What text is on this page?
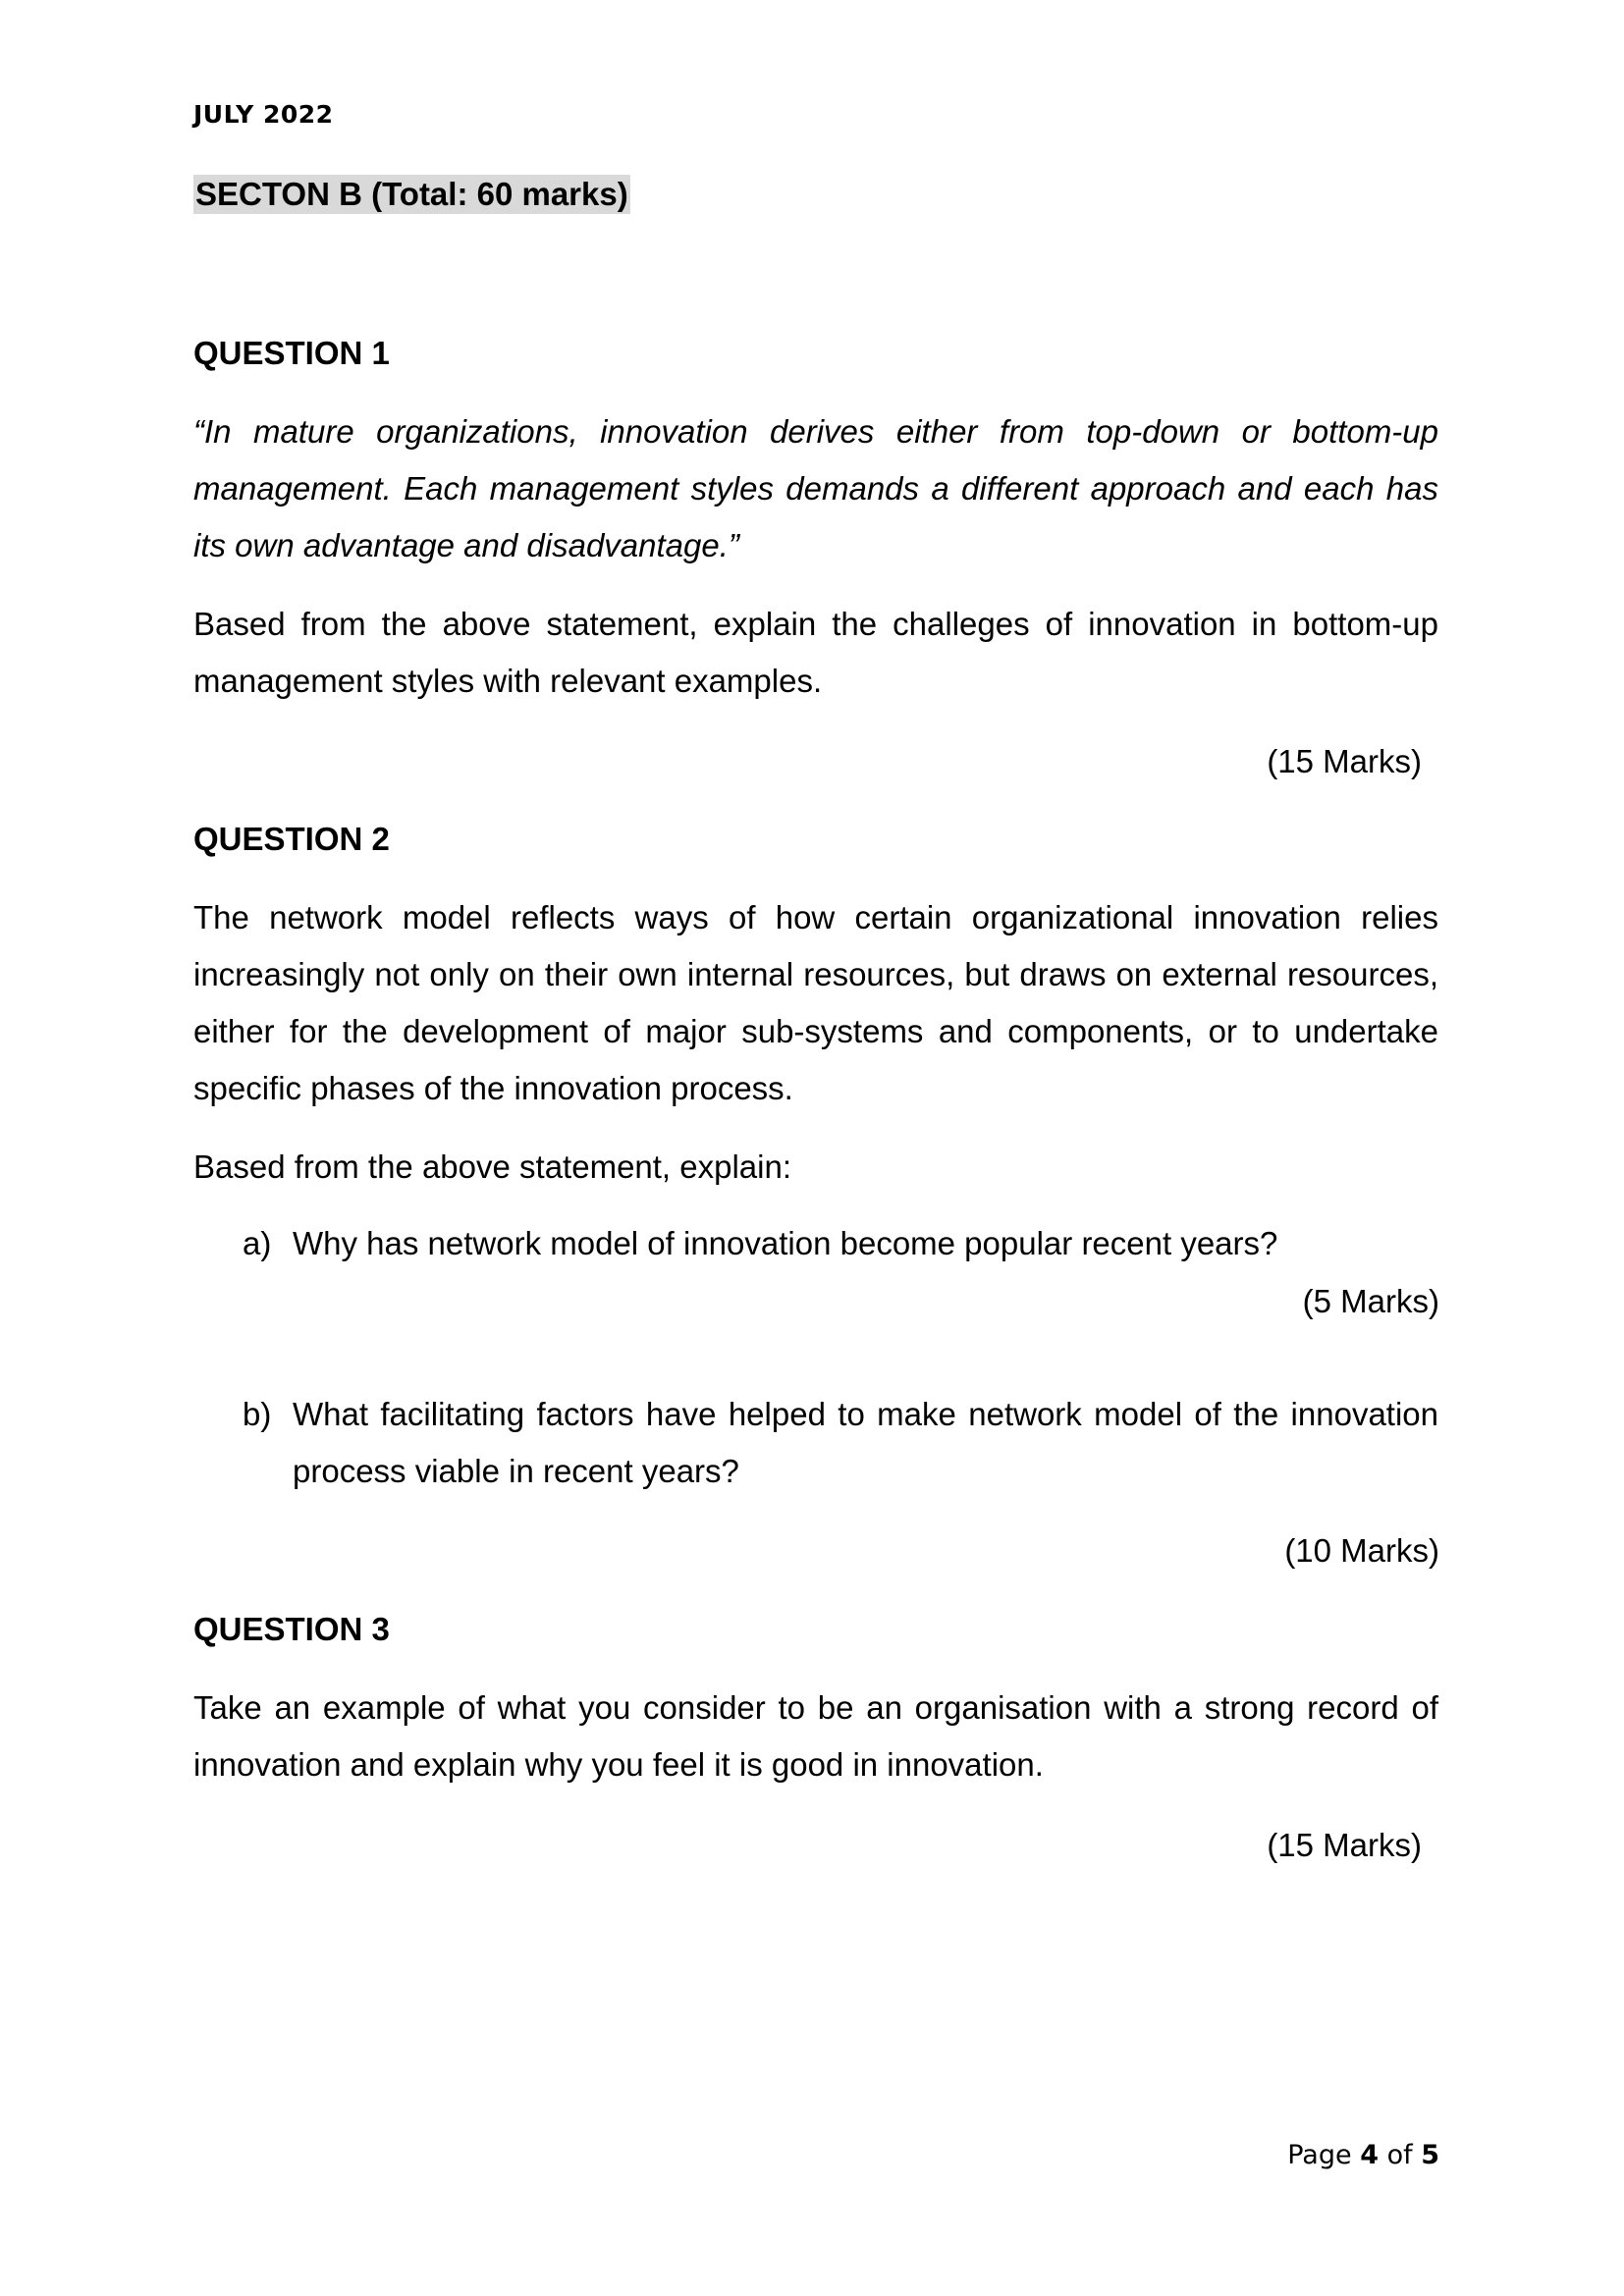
JULY 2022
SECTON B (Total: 60 marks)
QUESTION 1
“In mature organizations, innovation derives either from top-down or bottom-up management. Each management styles demands a different approach and each has its own advantage and disadvantage.”
Based from the above statement, explain the challeges of innovation in bottom-up management styles with relevant examples.
(15 Marks)
QUESTION 2
The network model reflects ways of how certain organizational innovation relies increasingly not only on their own internal resources, but draws on external resources, either for the development of major sub-systems and components, or to undertake specific phases of the innovation process.
Based from the above statement, explain:
a) Why has network model of innovation become popular recent years?
(5 Marks)
b) What facilitating factors have helped to make network model of the innovation process viable in recent years?
(10 Marks)
QUESTION 3
Take an example of what you consider to be an organisation with a strong record of innovation and explain why you feel it is good in innovation.
(15 Marks)
Page 4 of 5
